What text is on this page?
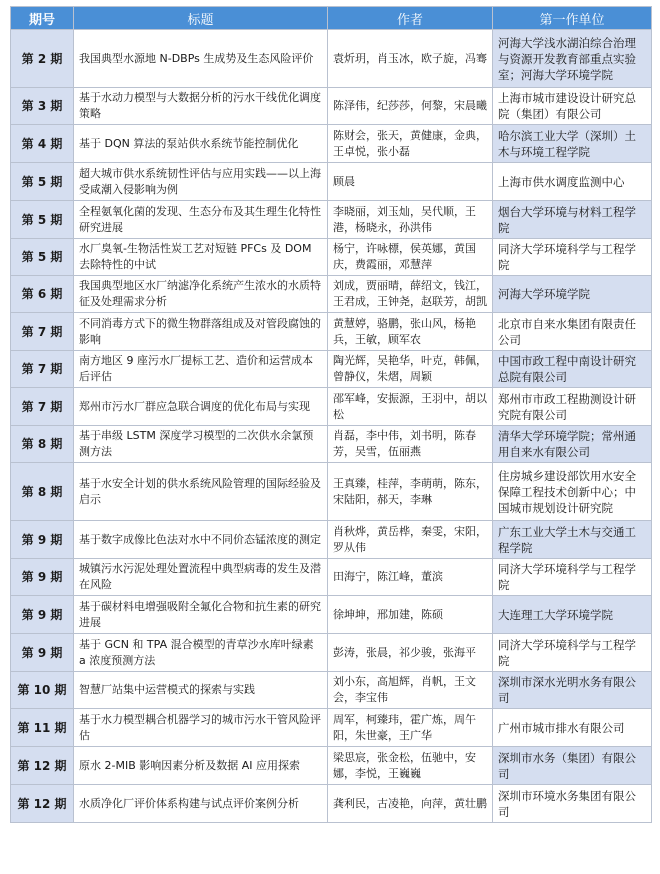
期号	标题	作者	第一作单位
第 2 期	我国典型水源地 N-DBPs 生成势及生态风险评价	袁炘玥，肖玉冰，欧子旋，冯骞	河海大学浅水湖泊综合治理与资源开发教育部重点实验室；河海大学环境学院
第 3 期	基于水动力模型与大数据分析的污水干线优化调度策略	陈泽伟，纪莎莎，何黎，宋晨曦	上海市城市建设设计研究总院（集团）有限公司
第 4 期	基于 DQN 算法的泵站供水系统节能控制优化	陈财会，张天，黄健康，金典，王卓悦，张小磊	哈尔滨工业大学（深圳）土木与环境工程学院
第 5 期	超大城市供水系统韧性评估与应用实践——以上海受咸潮入侵影响为例	顾晨	上海市供水调度监测中心
第 5 期	全程氨氧化菌的发现、生态分布及其生理生化特性研究进展	李晓丽，刘玉灿，吴代顺，王港，杨晓永，孙洪伟	烟台大学环境与材料工程学院
第 5 期	水厂臭氧-生物活性炭工艺对短链 PFCs 及 DOM 去除特性的中试	杨宁，许咏標，侯英娜，黄国庆，费霞丽，邓慧萍	同济大学环境科学与工程学院
第 6 期	我国典型地区水厂纳滤净化系统产生浓水的水质特征及处理需求分析	刘成，贾丽晴，薛绍文，钱江，王君成，王钟尧，赵联芳，胡凯	河海大学环境学院
第 7 期	不同消毒方式下的微生物群落组成及对管段腐蚀的影响	黄慧婷，骆鹏，张山风，杨艳兵，王敏，顾军农	北京市自来水集团有限责任公司
第 7 期	南方地区 9 座污水厂提标工艺、造价和运营成本后评估	陶光辉，吴艳华，叶克，韩佩，曾静仪，朱熠，周颖	中国市政工程中南设计研究总院有限公司
第 7 期	郑州市污水厂群应急联合调度的优化布局与实现	邵军峰，安振源，王羽中，胡以松	郑州市市政工程勘测设计研究院有限公司
第 8 期	基于串级 LSTM 深度学习模型的二次供水余氯预测方法	肖磊，李中伟，刘书明，陈春芳，吴雪，伍丽燕	清华大学环境学院；常州通用自来水有限公司
第 8 期	基于水安全计划的供水系统风险管理的国际经验及启示	王真臻，桂萍，李萌萌，陈东，宋陆阳，郝天，李琳	住房城乡建设部饮用水安全保障工程技术创新中心；中国城市规划设计研究院
第 9 期	基于数字成像比色法对水中不同价态锰浓度的测定	肖秋烨，黄岳桦，秦雯，宋阳，罗从伟	广东工业大学土木与交通工程学院
第 9 期	城镇污水污泥处理处置流程中典型病毒的发生及潜在风险	田海宁，陈江峰，董滨	同济大学环境科学与工程学院
第 9 期	基于碳材料电增强吸附全氟化合物和抗生素的研究进展	徐坤坤，邢加建，陈硕	大连理工大学环境学院
第 9 期	基于 GCN 和 TPA 混合模型的青草沙水库叶绿素 a 浓度预测方法	彭涛，张晨，祁少骏，张海平	同济大学环境科学与工程学院
第 10 期	智慧厂站集中运营模式的探索与实践	刘小东，高旭辉，肖帆，王文会，李宝伟	深圳市深水光明水务有限公司
第 11 期	基于水力模型耦合机器学习的城市污水干管风险评估	周军，柯臻玮，霍广炼，周午阳，朱世豪，王广华	广州市城市排水有限公司
第 12 期	原水 2-MIB 影响因素分析及数据 AI 应用探索	梁思宸，张金松，伍驰中，安娜，李悦，王巍巍	深圳市水务（集团）有限公司
第 12 期	水质净化厂评价体系构建与试点评价案例分析	龚利民，古凌艳，向萍，黄壮鹏	深圳市环境水务集团有限公司
